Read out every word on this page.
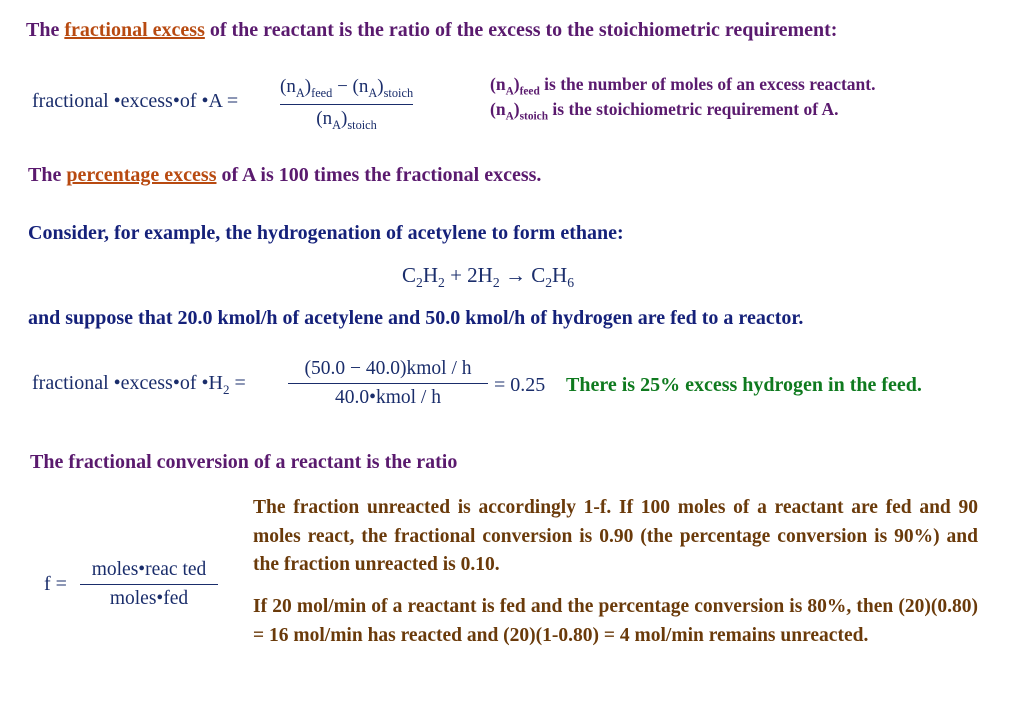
The fractional excess of the reactant is the ratio of the excess to the stoichiometric requirement:
fractional •excess•of •A =
$(n_A)_{feed} - (n_A)_{stoich}$
$(n_A)_{stoich}$
$(n_A)_{feed}$ is the number of moles of an excess reactant.
$(n_A)_{stoich}$ is the stoichiometric requirement of A.
The percentage excess of A is 100 times the fractional excess.
Consider, for example, the hydrogenation of acetylene to form ethane:
$C_2H_2 + 2H_2 \to C_2H_6$
and suppose that 20.0 kmol/h of acetylene and 50.0 kmol/h of hydrogen are fed to a reactor.
fractional •excess•of $•H_2$ =
(50.0 − 40.0)kmol / h
40.0•kmol / h
= 0.25 There is 25% excess hydrogen in the feed.
The fractional conversion of a reactant is the ratio
f =
moles•reac ted
moles•fed
The fraction unreacted is accordingly 1-f. If 100 moles of a reactant are fed and 90 moles react, the fractional conversion is 0.90 (the percentage conversion is 90%) and the fraction unreacted is 0.10.
If 20 mol/min of a reactant is fed and the percentage conversion is 80%, then (20)(0.80) = 16 mol/min has reacted and (20)(1-0.80) = 4 mol/min remains unreacted.
